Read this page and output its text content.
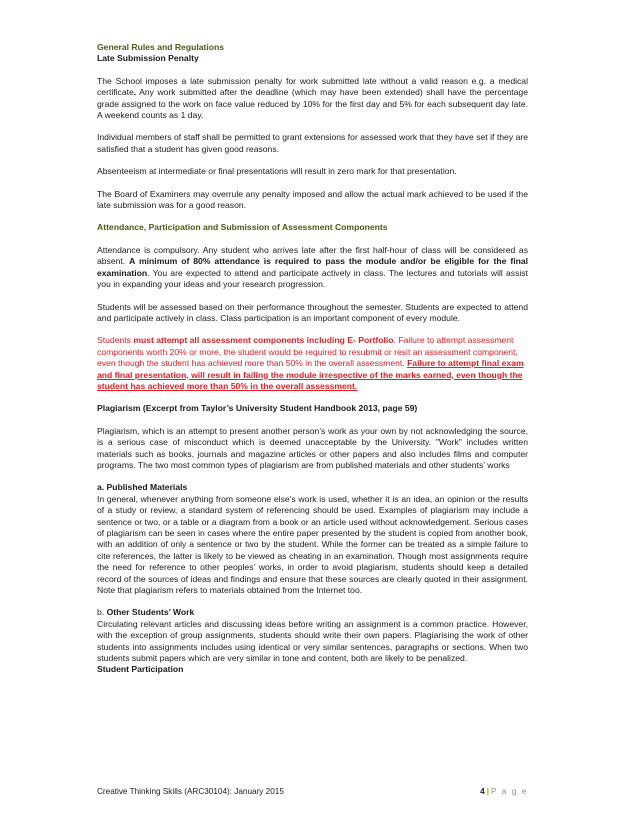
General Rules and Regulations

Late Submission Penalty

The School imposes a late submission penalty for work submitted late without a valid reason e.g. a medical certificate. Any work submitted after the deadline (which may have been extended) shall have the percentage grade assigned to the work on face value reduced by 10% for the first day and 5% for each subsequent day late. A weekend counts as 1 day.

Individual members of staff shall be permitted to grant extensions for assessed work that they have set if they are satisfied that a student has given good reasons.

Absenteeism at intermediate or final presentations will result in zero mark for that presentation.

The Board of Examiners may overrule any penalty imposed and allow the actual mark achieved to be used if the late submission was for a good reason.

Attendance, Participation and Submission of Assessment Components

Attendance is compulsory. Any student who arrives late after the first half-hour of class will be considered as absent. A minimum of 80% attendance is required to pass the module and/or be eligible for the final examination. You are expected to attend and participate actively in class. The lectures and tutorials will assist you in expanding your ideas and your research progression.

Students will be assessed based on their performance throughout the semester. Students are expected to attend and participate actively in class. Class participation is an important component of every module.

Students must attempt all assessment components including E- Portfolio. Failure to attempt assessment components worth 20% or more, the student would be required to resubmit or resit an assessment component, even though the student has achieved more than 50% in the overall assessment. Failure to attempt final exam and final presentation, will result in failing the module irrespective of the marks earned, even though the student has achieved more than 50% in the overall assessment.

Plagiarism (Excerpt from Taylor’s University Student Handbook 2013, page 59)

Plagiarism, which is an attempt to present another person’s work as your own by not acknowledging the source, is a serious case of misconduct which is deemed unacceptable by the University. "Work" includes written materials such as books, journals and magazine articles or other papers and also includes films and computer programs. The two most common types of plagiarism are from published materials and other students’ works

a. Published Materials

In general, whenever anything from someone else’s work is used, whether it is an idea, an opinion or the results of a study or review, a standard system of referencing should be used. Examples of plagiarism may include a sentence or two, or a table or a diagram from a book or an article used without acknowledgement. Serious cases of plagiarism can be seen in cases where the entire paper presented by the student is copied from another book, with an addition of only a sentence or two by the student. While the former can be treated as a simple failure to cite references, the latter is likely to be viewed as cheating in an examination. Though most assignments require the need for reference to other peoples’ works, in order to avoid plagiarism, students should keep a detailed record of the sources of ideas and findings and ensure that these sources are clearly quoted in their assignment. Note that plagiarism refers to materials obtained from the Internet too.

b. Other Students’ Work

Circulating relevant articles and discussing ideas before writing an assignment is a common practice. However, with the exception of group assignments, students should write their own papers. Plagiarising the work of other students into assignments includes using identical or very similar sentences, paragraphs or sections. When two students submit papers which are very similar in tone and content, both are likely to be penalized.

Student Participation

Creative Thinking Skills (ARC30104): January 2015	4 | P a g e
